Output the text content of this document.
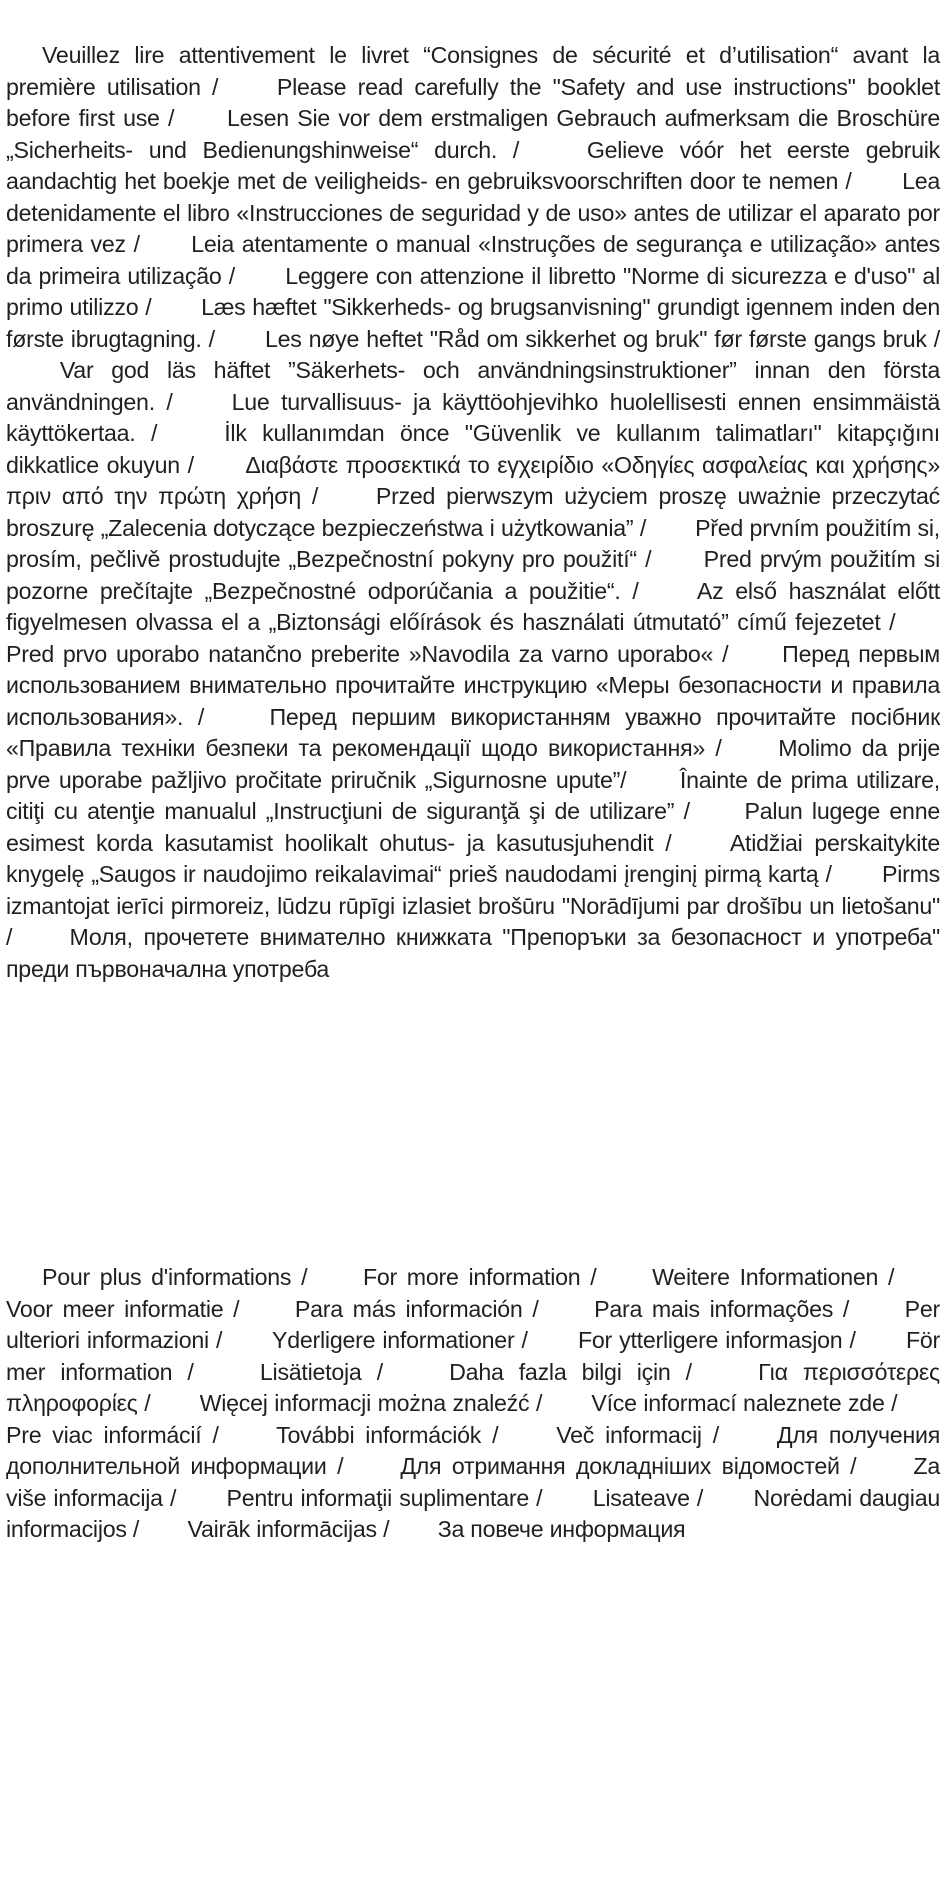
Veuillez lire attentivement le livret “Consignes de sécurité et d’utilisation“ avant la première utilisation /	Please read carefully the "Safety and use instructions" booklet before first use / Lesen Sie vor dem erstmaligen Gebrauch aufmerksam die Broschüre „Sicherheits- und Bedienungshinweise“ durch. /	Gelieve vóór het eerste gebruik aandachtig het boekje met de veiligheids- en gebruiksvoorschriften door te nemen / Lea detenidamente el libro «Instrucciones de seguridad y de uso» antes de utilizar el aparato por primera vez / Leia atentamente o manual «Instruções de segurança e utilização» antes da primeira utilização / Leggere con attenzione il libretto "Norme di sicurezza e d'uso" al primo utilizzo / Læs hæftet "Sikkerheds- og brugsanvisning" grundigt igennem inden den første ibrugtagning. / Les nøye heftet "Råd om sikkerhet og bruk" før første gangs bruk /  Var god läs häftet ”Säkerhets- och användningsinstruktioner” innan den första användningen. /	Lue turvallisuus- ja käyttöohjevihko huolellisesti ennen ensimmäistä käyttökertaa. /	İlk kullanımdan önce "Güvenlik ve kullanım talimatları" kitapçığını dikkatlice okuyun / Διαβάστε προσεκτικά το εγχειρίδιο «Οδηγίες ασφαλείας και χρήσης» πριν από την πρώτη χρήση / Przed pierwszym użyciem proszę uważnie przeczytać broszurę „Zalecenia dotyczące bezpieczeństwa i użytkowania” / Před prvním použitím si, prosím, pečlivě prostudujte „Bezpečnostní pokyny pro použití“ / Pred prvým použitím si pozorne prečítajte „Bezpečnostné odporúčania a použitie“. /	Az első használat előtt figyelmesen olvassa el a „Biztonsági előírások és használati útmutató” című fejezetet /  Pred prvo uporabo natančno preberite »Navodila za varno uporabo« / Перед первым использованием внимательно прочитайте инструкцию «Меры безопасности и правила использования». /	Перед першим використанням уважно прочитайте посібник «Правила техніки безпеки та рекомендації щодо використання» / Molimo da prije prve uporabe pažljivo pročitate priručnik „Sigurnosne upute”/ Înainte de prima utilizare, citiţi cu atenţie manualul „Instrucţiuni de siguranţă şi de utilizare” / Palun lugege enne esimest korda kasutamist hoolikalt ohutus- ja kasutusjuhendit /	Atidžiai perskaitykite knygelę „Saugos ir naudojimo reikalavimai“ prieš naudodami įrenginį pirmą kartą / Pirms izmantojat ierīci pirmoreiz, lūdzu rūpīgi izlasiet brošūru "Norādījumi par drošību un lietošanu" / Моля, прочетете внимателно книжката "Препоръки за безопасност и употреба" преди първоначална употреба

Pour plus d'informations / For more information / Weitere Informationen /  Voor meer informatie / Para más información / Para mais informações / Per ulteriori informazioni / Yderligere informationer / For ytterligere informasjon / För mer information /	Lisätietoja /	Daha fazla bilgi için /	Για περισσότερες πληροφορίες / Więcej informacji można znaleźć / Více informací naleznete zde /  Pre viac informácií / További információk / Več informacij / Для получения дополнительной информации / Для отримання докладніших відомостей / Za više informacija / Pentru informaţii suplimentare / Lisateave / Norėdami daugiau informacijos / Vairāk informācijas / За повече информация
